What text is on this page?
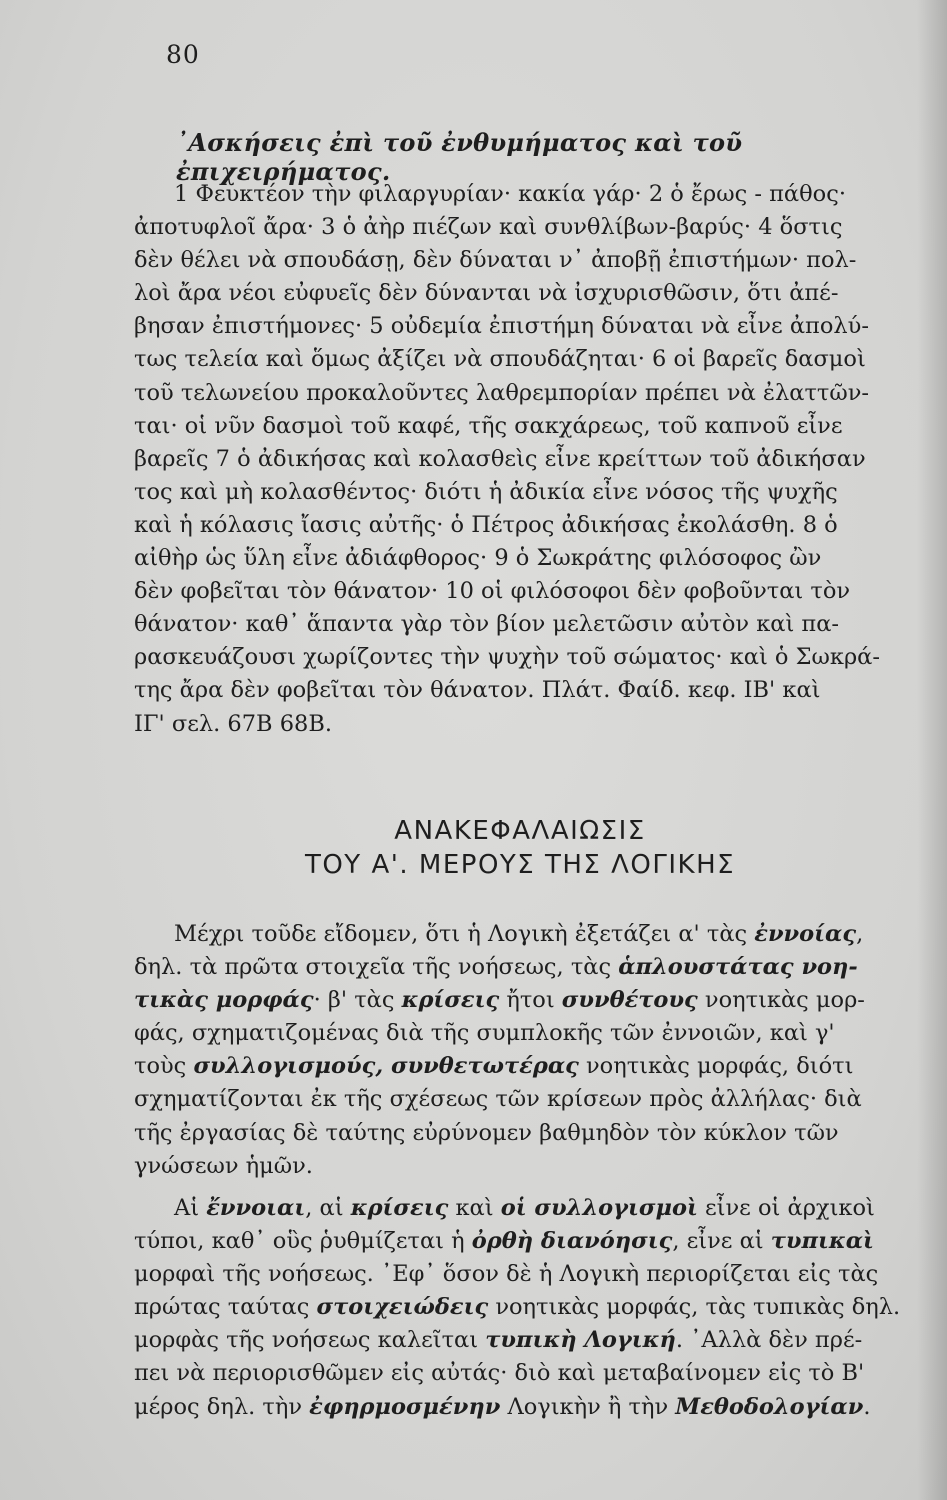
80
᾿Ασκήσεις ἐπὶ τοῦ ἐνθυμήματος καὶ τοῦ ἐπιχειρήματος.
1 Φευκτέον τὴν φιλαργυρίαν· κακία γάρ· 2 ὁ ἔρως - πάθος·
ἀποτυφλοῖ ἄρα· 3 ὁ ἀὴρ πιέζων καὶ συνθλίβων-βαρύς· 4 ὅστις
δὲν θέλει νὰ σπουδάσῃ, δὲν δύναται ν᾿ ἀποβῇ ἐπιστήμων· πολ-
λοὶ ἄρα νέοι εὐφυεῖς δὲν δύνανται νὰ ἰσχυρισθῶσιν, ὅτι ἀπέ-
βησαν ἐπιστήμονες· 5 οὐδεμία ἐπιστήμη δύναται νὰ εἶνε ἀπολύ-
τως τελεία καὶ ὅμως ἀξίζει νὰ σπουδάζηται· 6 οἱ βαρεῖς δασμοὶ
τοῦ τελωνείου προκαλοῦντες λαθρεμπορίαν πρέπει νὰ ἐλαττῶν-
ται· οἱ νῦν δασμοὶ τοῦ καφέ, τῆς σακχάρεως, τοῦ καπνοῦ εἶνε
βαρεῖς 7 ὁ ἀδικήσας καὶ κολασθεὶς εἶνε κρείττων τοῦ ἀδικήσαν
τος καὶ μὴ κολασθέντος· διότι ἡ ἀδικία εἶνε νόσος τῆς ψυχῆς
καὶ ἡ κόλασις ἴασις αὐτῆς· ὁ Πέτρος ἀδικήσας ἐκολάσθη. 8 ὁ
αἰθὴρ ὡς ὕλη εἶνε ἀδιάφθορος· 9 ὁ Σωκράτης φιλόσοφος ὢν
δὲν φοβεῖται τὸν θάνατον· 10 οἱ φιλόσοφοι δὲν φοβοῦνται τὸν
θάνατον· καθ᾿ ἅπαντα γὰρ τὸν βίον μελετῶσιν αὐτὸν καὶ πα-
ρασκευάζουσι χωρίζοντες τὴν ψυχὴν τοῦ σώματος· καὶ ὁ Σωκρά-
της ἄρα δὲν φοβεῖται τὸν θάνατον. Πλάτ. Φαίδ. κεφ. ΙΒ' καὶ
ΙΓ' σελ. 67Β 68Β.
ΑΝΑΚΕΦΑΛΑΙΩΣΙΣ
ΤΟΥ Α'. ΜΕΡΟΥΣ ΤΗΣ ΛΟΓΙΚΗΣ
Μέχρι τοῦδε εἴδομεν, ὅτι ἡ Λογικὴ ἐξετάζει α' τὰς ἐννοίας,
δηλ. τὰ πρῶτα στοιχεῖα τῆς νοήσεως, τὰς ἁπλουστάτας νοη-
τικὰς μορφάς· β' τὰς κρίσεις ἤτοι συνθέτους νοητικὰς μορ-
φάς, σχηματιζομένας διὰ τῆς συμπλοκῆς τῶν ἐννοιῶν, καὶ γ'
τοὺς συλλογισμούς, συνθετωτέρας νοητικὰς μορφάς, διότι
σχηματίζονται ἐκ τῆς σχέσεως τῶν κρίσεων πρὸς ἀλλήλας· διὰ
τῆς ἐργασίας δὲ ταύτης εὐρύνομεν βαθμηδὸν τὸν κύκλον τῶν
γνώσεων ἡμῶν.
Αἱ ἔννοιαι, αἱ κρίσεις καὶ οἱ συλλογισμοὶ εἶνε οἱ ἀρχικοὶ
τύποι, καθ᾿ οὓς ῥυθμίζεται ἡ ὀρθὴ διανόησις, εἶνε αἱ τυπικαὶ
μορφαὶ τῆς νοήσεως. ᾿Εφ᾿ ὅσον δὲ ἡ Λογικὴ περιορίζεται εἰς τὰς
πρώτας ταύτας στοιχειώδεις νοητικὰς μορφάς, τὰς τυπικὰς δηλ.
μορφὰς τῆς νοήσεως καλεῖται τυπικὴ Λογική. ᾿Αλλὰ δὲν πρέ-
πει νὰ περιορισθῶμεν εἰς αὐτάς· διὸ καὶ μεταβαίνομεν εἰς τὸ Β'
μέρος δηλ. τὴν ἐφηρμοσμένην Λογικὴν ἢ τὴν Μεθοδολογίαν.
